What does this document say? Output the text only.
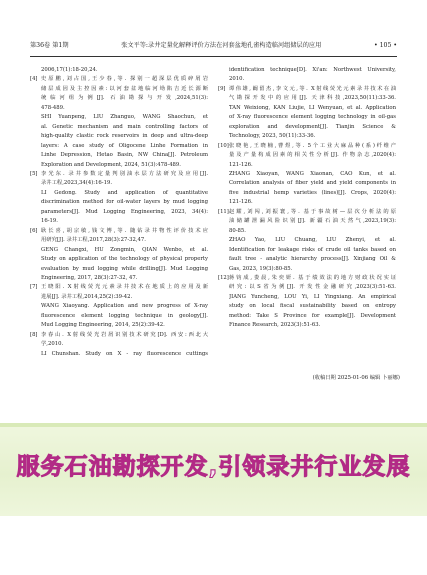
第36卷 第1期	张文平等:录井定量化解释评价方法在河套盆地孔雀构造临河组储层的应用	• 105 •
2006,17(1):18-20,24.
[4] 史原鹏,刘占国,王少春,等. 探别一超深层优质碎屑岩
储层成因及主控因素:以河套盆地临河坳陷吉近长源断
统临河组为例[J]. 石油勘探与开发,2024,51(3):
478-489.
SHI Yuanpeng, LIU Zhanguo, WANG Shaochun, et
al. Genetic mechanism and main controlling factors of
high-quality clastic rock reservoirs in deep and ultra-deep
layers: A case study of Oligocene Linhe Formation in
Linhe Depression, Hetao Basin, NW China[J]. Petroleum
Exploration and Development, 2024, 51(3):478-489.
[5] 李光东. 录井参数定量判别油水层方法研究及应用[J].
录井工程,2023,34(4):16-19.
LI Gedong. Study and application of quantitative
discrimination method for oil-water layers by mud logging
parameters[J]. Mud Logging Engineering, 2023, 34(4):
16-19.
[6] 耿长喜,胡宗敏,钱文博,等. 随钻录井物性评价技术应
用研究[J]. 录井工程,2017,28(3):27-32,47.
GENG Changxi, HU Zongmin, QIAN Wenbo, et al.
Study on application of the technology of physical property
evaluation by mud logging while drilling[J]. Mud Logging
Engineering, 2017, 28(3):27-32, 47.
[7] 王晓阳. X射线荧光元素录井技术在地质上的应用及新
进展[J]. 录井工程,2014,25(2):39-42.
WANG Xiaoyang. Application and new progress of X-ray
fluorescence element logging technique in geology[J].
Mud Logging Engineering, 2014, 25(2):39-42.
[8] 李春山. X射线荧光岩屑识别技术研究[D]. 西安:西北大
学,2010.
LI Chunshan. Study on X - ray fluorescence cuttings
identification technique[D]. Xi'an: Northwest University,
2010.
[9] 谭伟雄,阚留杰,李文元,等. X射线荧光元素录井技术在油
气勘探开发中的应用[J]. 天津科技,2023,50(11):33-36.
TAN Weixiong, KAN Liujie, LI Wenyuan, et al. Application
of X-ray fluorescence element logging technology in oil-gas
exploration and development[J]. Tianjin Science &
Technology, 2023, 50(11):33-36.
[10] 张晓艳,王晓楠,曹煜,等. 5个工业大麻品种(系)纤维产
量及产量构成因素的相关性分析[J]. 作物杂志,2020(4):
121-126.
ZHANG Xiaoyan, WANG Xiaonan, CAO Kun, et al.
Correlation analysis of fiber yield and yield components in
five industrial hemp varieties (lines)[J]. Crops, 2020(4):
121-126.
[11] 赵耀,刘闯,刘振寰,等. 基于事故树—层次分析法的原
油储罐泄漏风险识别[J]. 新疆石油天然气,2023,19(3):
80-85.
ZHAO Yao, LIU Chuang, LIU Zhenyi, et al.
Identification for leakage risks of crude oil tanks based on
fault tree - analytic hierarchy process[J]. Xinjiang Oil &
Gas, 2023, 19(3):80-85.
[12] 蒋钧成,娄晨,朱奕妍. 基于绩效法的地方财政状况实证
研究:以S省为例[J]. 开发性金融研究,2023(3):51-63.
JIANG Yuncheng, LOU Yi, LI Yingxiang. An empirical
study on local fiscal sustainability based on entropy
method: Take S Province for example[J]. Development
Finance Research, 2023(3):51-63.
(收稿日期 2025-01-06 编辑 卜丽娜)
服务石油勘探开发,引领录井行业发展
